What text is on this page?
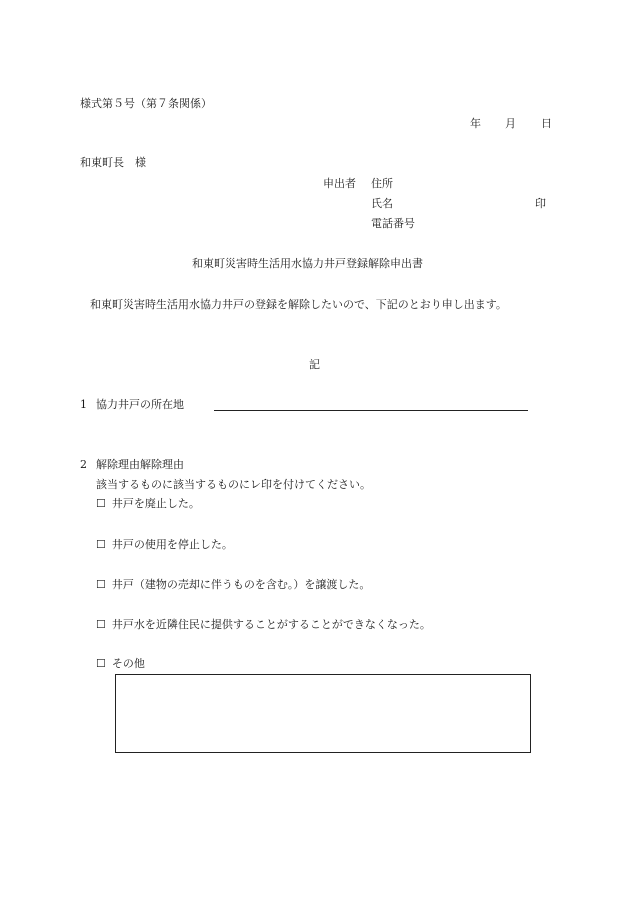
様式第５号（第７条関係）
年 月 日
和東町長　様
申出者 住所
氏名	印
電話番号
和東町災害時生活用水協力井戸登録解除申出書
和東町災害時生活用水協力井戸の登録を解除したいので、下記のとおり申し出ます。
記
1 協力井戸の所在地
2 解除理由解除理由
該当するものに該当するものにレ印を付けてください。
☐ 井戸を廃止した。
☐ 井戸の使用を停止した。
☐ 井戸（建物の売却に伴うものを含む。）を譲渡した。
☐ 井戸水を近隣住民に提供することがすることができなくなった。
☐ その他
